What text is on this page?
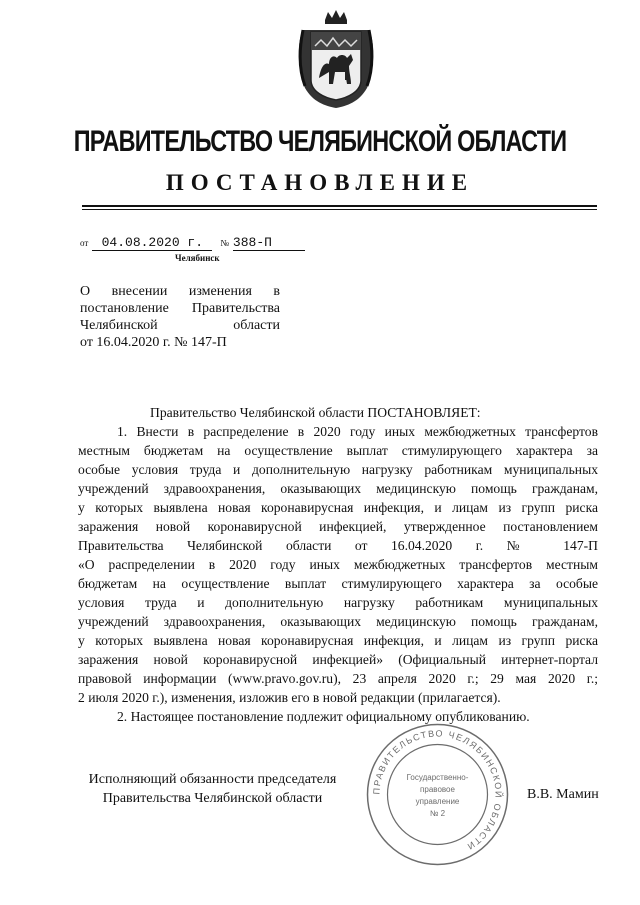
ПРАВИТЕЛЬСТВО ЧЕЛЯБИНСКОЙ ОБЛАСТИ
ПОСТАНОВЛЕНИЕ
от 04.08.2020 г. № 388-П
Челябинск
О внесении изменения в
постановление Правительства
Челябинской области
от 16.04.2020 г. № 147-П
Правительство Челябинской области ПОСТАНОВЛЯЕТ:
1. Внести в распределение в 2020 году иных межбюджетных трансфертов
местным бюджетам на осуществление выплат стимулирующего характера за
особые условия труда и дополнительную нагрузку работникам муниципальных
учреждений здравоохранения, оказывающих медицинскую помощь гражданам,
у которых выявлена новая коронавирусная инфекция, и лицам из групп риска
заражения новой коронавирусной инфекцией, утвержденное постановлением
Правительства Челябинской области от 16.04.2020 г. № 147-П
«О распределении в 2020 году иных межбюджетных трансфертов местным
бюджетам на осуществление выплат стимулирующего характера за особые
условия труда и дополнительную нагрузку работникам муниципальных
учреждений здравоохранения, оказывающих медицинскую помощь гражданам,
у которых выявлена новая коронавирусная инфекция, и лицам из групп риска
заражения новой коронавирусной инфекцией» (Официальный интернет-портал
правовой информации (www.pravo.gov.ru), 23 апреля 2020 г.; 29 мая 2020 г.;
2 июля 2020 г.), изменения, изложив его в новой редакции (прилагается).
2. Настоящее постановление подлежит официальному опубликованию.
ПРАВИТЕЛЬСТВО ЧЕЛЯБИНСКОЙ ОБЛАСТИ
Государственно-
правовое
управление
№ 2
Исполняющий обязанности председателя
Правительства Челябинской области	В.В. Мамин
